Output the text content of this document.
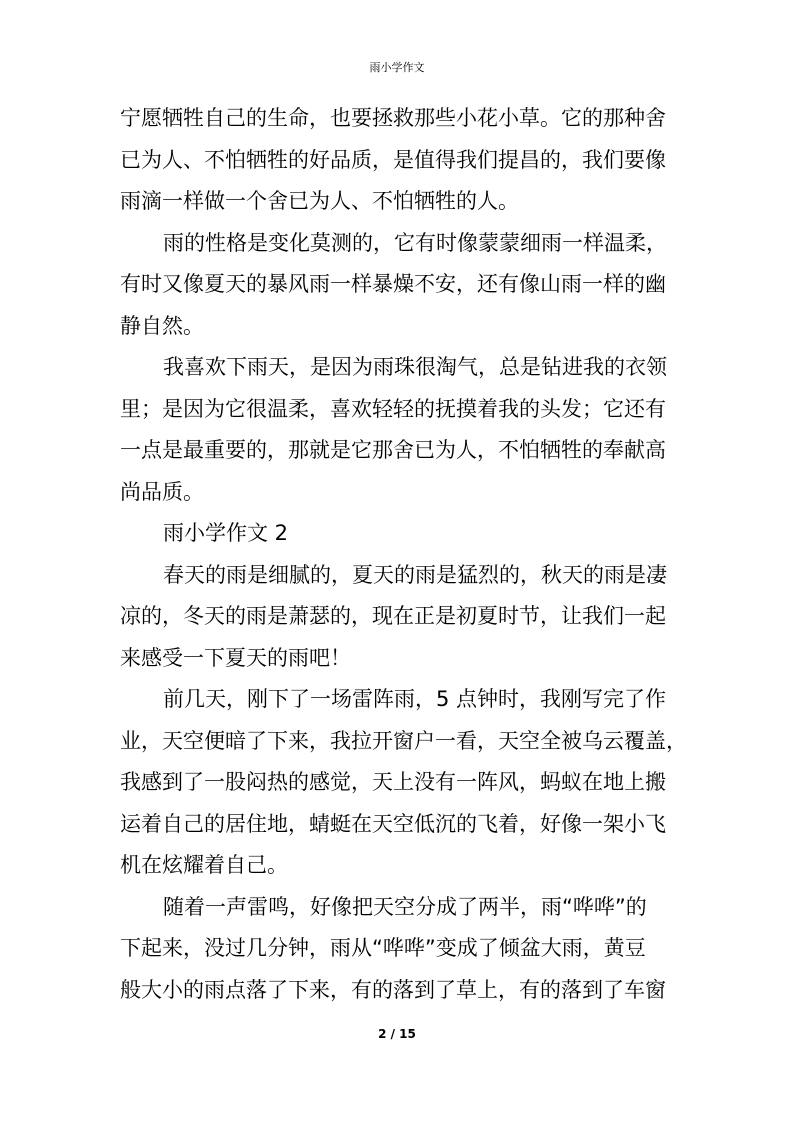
雨小学作文
宁愿牺牲自己的生命，也要拯救那些小花小草。它的那种舍
已为人、不怕牺牲的好品质，是值得我们提昌的，我们要像
雨滴一样做一个舍已为人、不怕牺牲的人。
雨的性格是变化莫测的，它有时像蒙蒙细雨一样温柔，
有时又像夏天的暴风雨一样暴燥不安，还有像山雨一样的幽
静自然。
我喜欢下雨天，是因为雨珠很淘气，总是钻进我的衣领
里；是因为它很温柔，喜欢轻轻的抚摸着我的头发；它还有
一点是最重要的，那就是它那舍已为人，不怕牺牲的奉献高
尚品质。
雨小学作文 2
春天的雨是细腻的，夏天的雨是猛烈的，秋天的雨是凄
凉的，冬天的雨是萧瑟的，现在正是初夏时节，让我们一起
来感受一下夏天的雨吧！
前几天，刚下了一场雷阵雨，5 点钟时，我刚写完了作
业，天空便暗了下来，我拉开窗户一看，天空全被乌云覆盖，
我感到了一股闷热的感觉，天上没有一阵风，蚂蚁在地上搬
运着自己的居住地，蜻蜓在天空低沉的飞着，好像一架小飞
机在炫耀着自己。
随着一声雷鸣，好像把天空分成了两半，雨“哗哗”的
下起来，没过几分钟，雨从“哗哗”变成了倾盆大雨，黄豆
般大小的雨点落了下来，有的落到了草上，有的落到了车窗
2 / 15
